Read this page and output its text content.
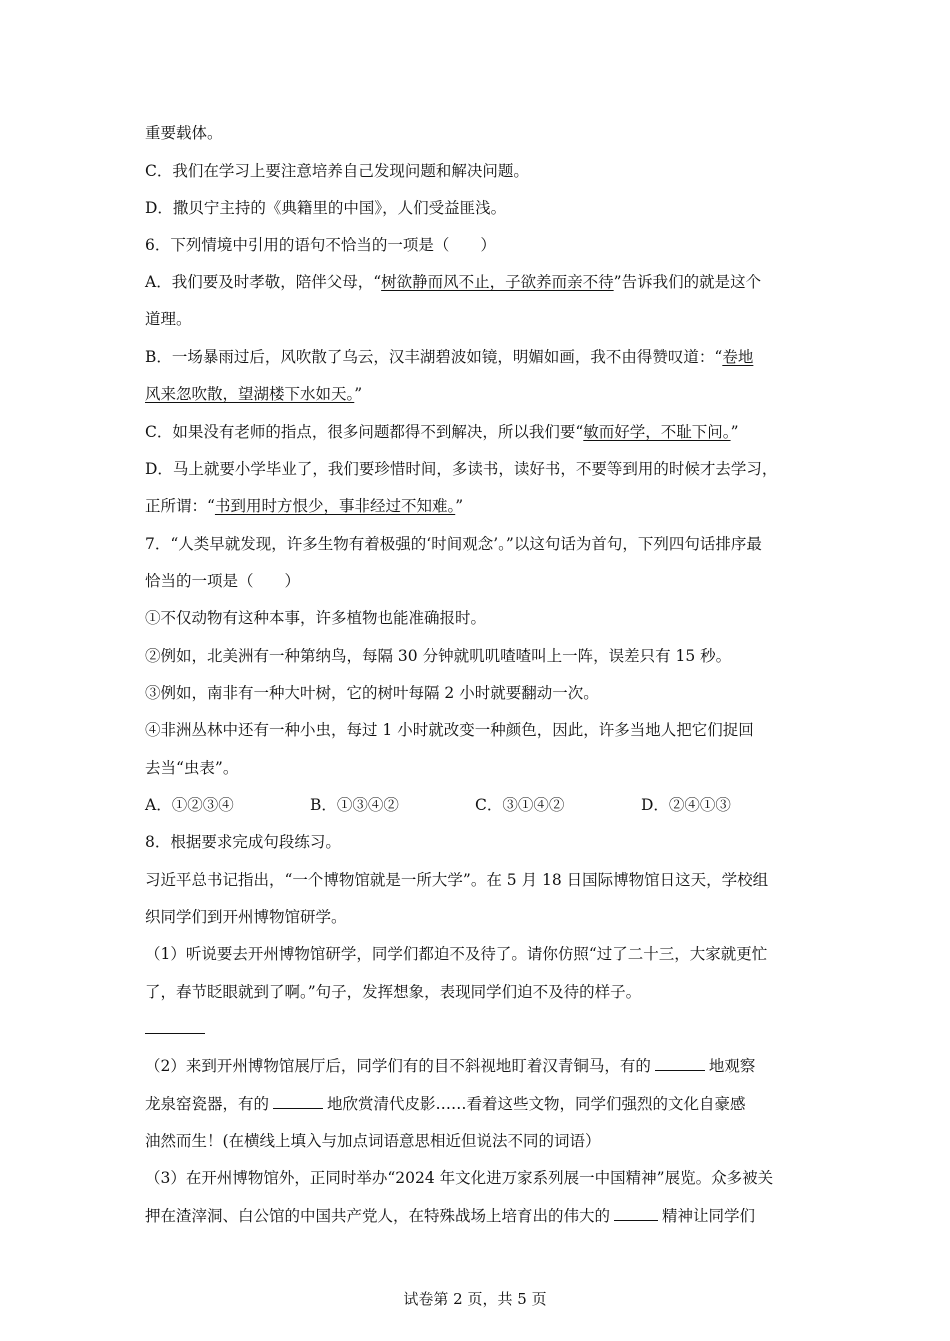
重要载体。
C．我们在学习上要注意培养自己发现问题和解决问题。
D．撒贝宁主持的《典籍里的中国》，人们受益匪浅。
6．下列情境中引用的语句不恰当的一项是（　　）
A．我们要及时孝敬，陪伴父母，“树欲静而风不止，子欲养而亲不待”告诉我们的就是这个
道理。
B．一场暴雨过后，风吹散了乌云，汉丰湖碧波如镜，明媚如画，我不由得赞叹道：“卷地
风来忽吹散，望湖楼下水如天。”
C．如果没有老师的指点，很多问题都得不到解决，所以我们要“敏而好学，不耻下问。”
D．马上就要小学毕业了，我们要珍惜时间，多读书，读好书，不要等到用的时候才去学习，
正所谓：“书到用时方恨少，事非经过不知难。”
7．“人类早就发现，许多生物有着极强的‘时间观念’。”以这句话为首句，下列四句话排序最
恰当的一项是（　　）
①不仅动物有这种本事，许多植物也能准确报时。
②例如，北美洲有一种第纳鸟，每隔 30 分钟就叽叽喳喳叫上一阵，误差只有 15 秒。
③例如，南非有一种大叶树，它的树叶每隔 2 小时就要翻动一次。
④非洲丛林中还有一种小虫，每过 1 小时就改变一种颜色，因此，许多当地人把它们捉回
去当“虫表”。
A．①②③④	B．①③④②	C．③①④②	D．②④①③
8．根据要求完成句段练习。
习近平总书记指出，“一个博物馆就是一所大学”。在 5 月 18 日国际博物馆日这天，学校组
织同学们到开州博物馆研学。
（1）听说要去开州博物馆研学，同学们都迫不及待了。请你仿照“过了二十三，大家就更忙
了，春节眨眼就到了啊。”句子，发挥想象，表现同学们迫不及待的样子。
（2）来到开州博物馆展厅后，同学们有的目不斜视地盯着汉青铜马，有的	地观察
龙泉窑瓷器，有的	地欣赏清代皮影……看着这些文物，同学们强烈的文化自豪感
油然而生！(在横线上填入与加点词语意思相近但说法不同的词语）
（3）在开州博物馆外，正同时举办“2024 年文化进万家系列展一中国精神”展览。众多被关
押在渣滓洞、白公馆的中国共产党人，在特殊战场上培育出的伟大的	精神让同学们
试卷第 2 页，共 5 页
